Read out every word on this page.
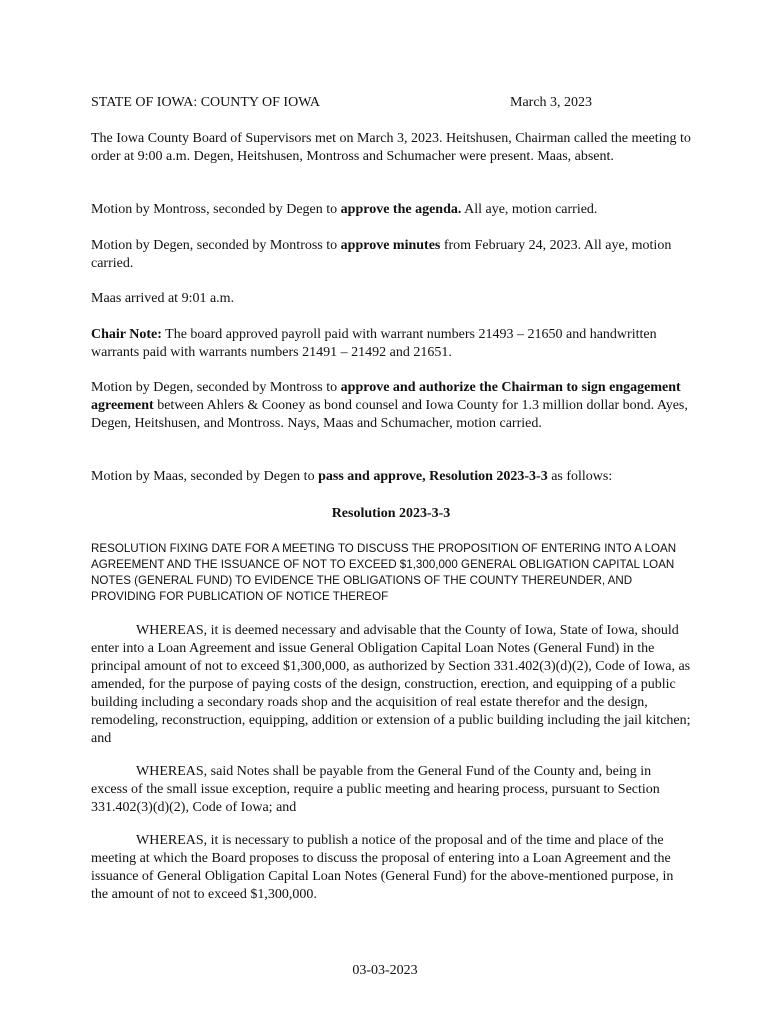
STATE OF IOWA: COUNTY OF IOWA	March 3, 2023

The Iowa County Board of Supervisors met on March 3, 2023. Heitshusen, Chairman called the meeting to order at 9:00 a.m. Degen, Heitshusen, Montross and Schumacher were present. Maas, absent.

Motion by Montross, seconded by Degen to approve the agenda. All aye, motion carried.

Motion by Degen, seconded by Montross to approve minutes from February 24, 2023. All aye, motion carried.

Maas arrived at 9:01 a.m.

Chair Note: The board approved payroll paid with warrant numbers 21493 – 21650 and handwritten warrants paid with warrants numbers 21491 – 21492 and 21651.

Motion by Degen, seconded by Montross to approve and authorize the Chairman to sign engagement agreement between Ahlers & Cooney as bond counsel and Iowa County for 1.3 million dollar bond. Ayes, Degen, Heitshusen, and Montross. Nays, Maas and Schumacher, motion carried.

Motion by Maas, seconded by Degen to pass and approve, Resolution 2023-3-3 as follows:

Resolution 2023-3-3

RESOLUTION FIXING DATE FOR A MEETING TO DISCUSS THE PROPOSITION OF ENTERING INTO A LOAN AGREEMENT AND THE ISSUANCE OF NOT TO EXCEED $1,300,000 GENERAL OBLIGATION CAPITAL LOAN NOTES (GENERAL FUND) TO EVIDENCE THE OBLIGATIONS OF THE COUNTY THEREUNDER, AND PROVIDING FOR PUBLICATION OF NOTICE THEREOF

WHEREAS, it is deemed necessary and advisable that the County of Iowa, State of Iowa, should enter into a Loan Agreement and issue General Obligation Capital Loan Notes (General Fund) in the principal amount of not to exceed $1,300,000, as authorized by Section 331.402(3)(d)(2), Code of Iowa, as amended, for the purpose of paying costs of the design, construction, erection, and equipping of a public building including a secondary roads shop and the acquisition of real estate therefor and the design, remodeling, reconstruction, equipping, addition or extension of a public building including the jail kitchen; and

WHEREAS, said Notes shall be payable from the General Fund of the County and, being in excess of the small issue exception, require a public meeting and hearing process, pursuant to Section 331.402(3)(d)(2), Code of Iowa; and

WHEREAS, it is necessary to publish a notice of the proposal and of the time and place of the meeting at which the Board proposes to discuss the proposal of entering into a Loan Agreement and the issuance of General Obligation Capital Loan Notes (General Fund) for the above-mentioned purpose, in the amount of not to exceed $1,300,000.

03-03-2023
